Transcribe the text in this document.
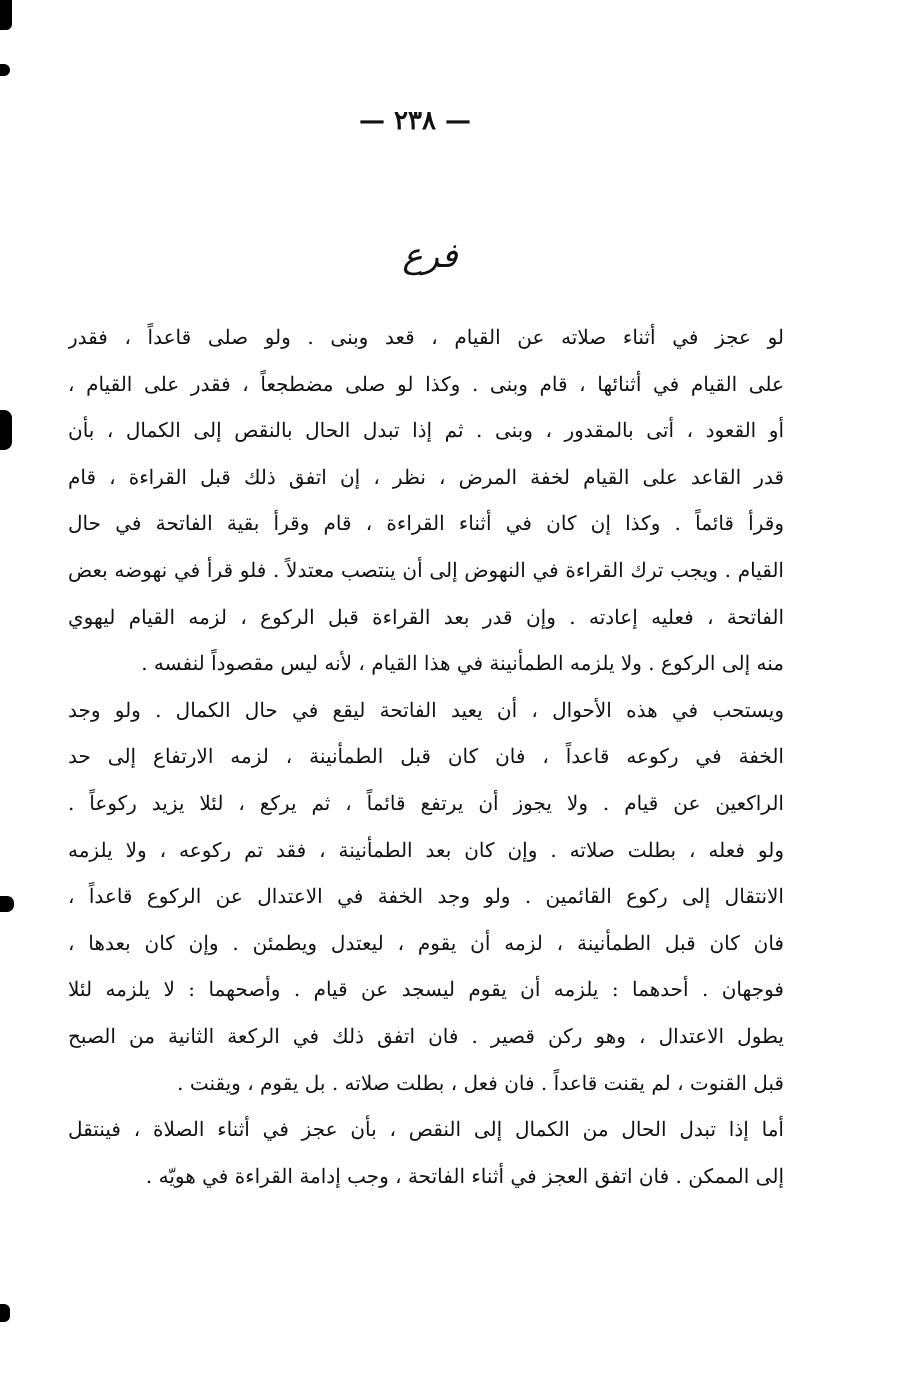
— ٢٣٨ —
فرع
لو عجز في أثناء صلاته عن القيام ، قعد وبنى . ولو صلى قاعداً ، فقدر
على القيام في أثنائها ، قام وبنى . وكذا لو صلى مضطجعاً ، فقدر على القيام ،
أو القعود ، أتى بالمقدور ، وبنى . ثم إذا تبدل الحال بالنقص إلى الكمال ، بأن
قدر القاعد على القيام لخفة المرض ، نظر ، إن اتفق ذلك قبل القراءة ، قام
وقرأ قائماً . وكذا إن كان في أثناء القراءة ، قام وقرأ بقية الفاتحة في حال
القيام . ويجب ترك القراءة في النهوض إلى أن ينتصب معتدلاً . فلو قرأ في نهوضه بعض
الفاتحة ، فعليه إعادته . وإن قدر بعد القراءة قبل الركوع ، لزمه القيام ليهوي
منه إلى الركوع . ولا يلزمه الطمأنينة في هذا القيام ، لأنه ليس مقصوداً لنفسه .
ويستحب في هذه الأحوال ، أن يعيد الفاتحة ليقع في حال الكمال . ولو وجد
الخفة في ركوعه قاعداً ، فان كان قبل الطمأنينة ، لزمه الارتفاع إلى حد
الراكعين عن قيام . ولا يجوز أن يرتفع قائماً ، ثم يركع ، لئلا يزيد ركوعاً .
ولو فعله ، بطلت صلاته . وإن كان بعد الطمأنينة ، فقد تم ركوعه ، ولا يلزمه
الانتقال إلى ركوع القائمين . ولو وجد الخفة في الاعتدال عن الركوع قاعداً ،
فان كان قبل الطمأنينة ، لزمه أن يقوم ، ليعتدل ويطمئن . وإن كان بعدها ،
فوجهان . أحدهما : يلزمه أن يقوم ليسجد عن قيام . وأصحهما : لا يلزمه لئلا
يطول الاعتدال ، وهو ركن قصير . فان اتفق ذلك في الركعة الثانية من الصبح
قبل القنوت ، لم يقنت قاعداً . فان فعل ، بطلت صلاته . بل يقوم ، ويقنت .
أما إذا تبدل الحال من الكمال إلى النقص ، بأن عجز في أثناء الصلاة ، فينتقل
إلى الممكن . فان اتفق العجز في أثناء الفاتحة ، وجب إدامة القراءة في هويّه .
